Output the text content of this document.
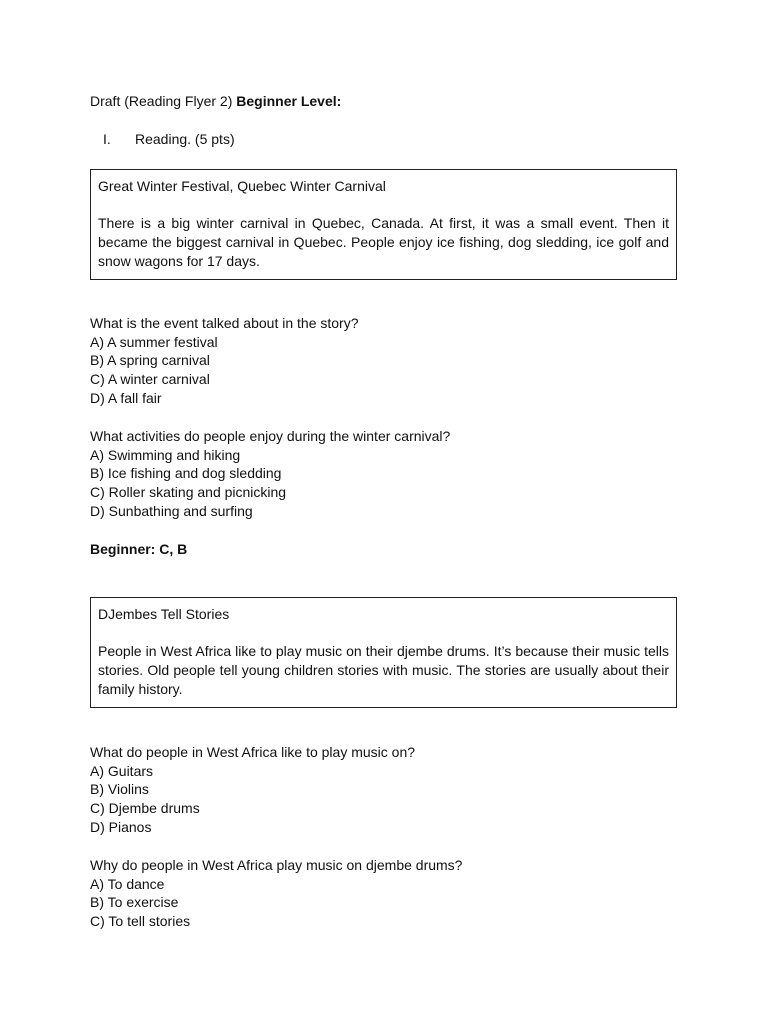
Draft (Reading Flyer 2) Beginner Level:
I. Reading. (5 pts)

Great Winter Festival, Quebec Winter Carnival

There is a big winter carnival in Quebec, Canada. At first, it was a small event. Then it became the biggest carnival in Quebec. People enjoy ice fishing, dog sledding, ice golf and snow wagons for 17 days.

What is the event talked about in the story?
A) A summer festival
B) A spring carnival
C) A winter carnival
D) A fall fair
What activities do people enjoy during the winter carnival?
A) Swimming and hiking
B) Ice fishing and dog sledding
C) Roller skating and picnicking
D) Sunbathing and surfing
Beginner: C, B

DJembes Tell Stories

People in West Africa like to play music on their djembe drums. It’s because their music tells stories. Old people tell young children stories with music. The stories are usually about their family history.

What do people in West Africa like to play music on?
A) Guitars
B) Violins
C) Djembe drums
D) Pianos
Why do people in West Africa play music on djembe drums?
A) To dance
B) To exercise
C) To tell stories
